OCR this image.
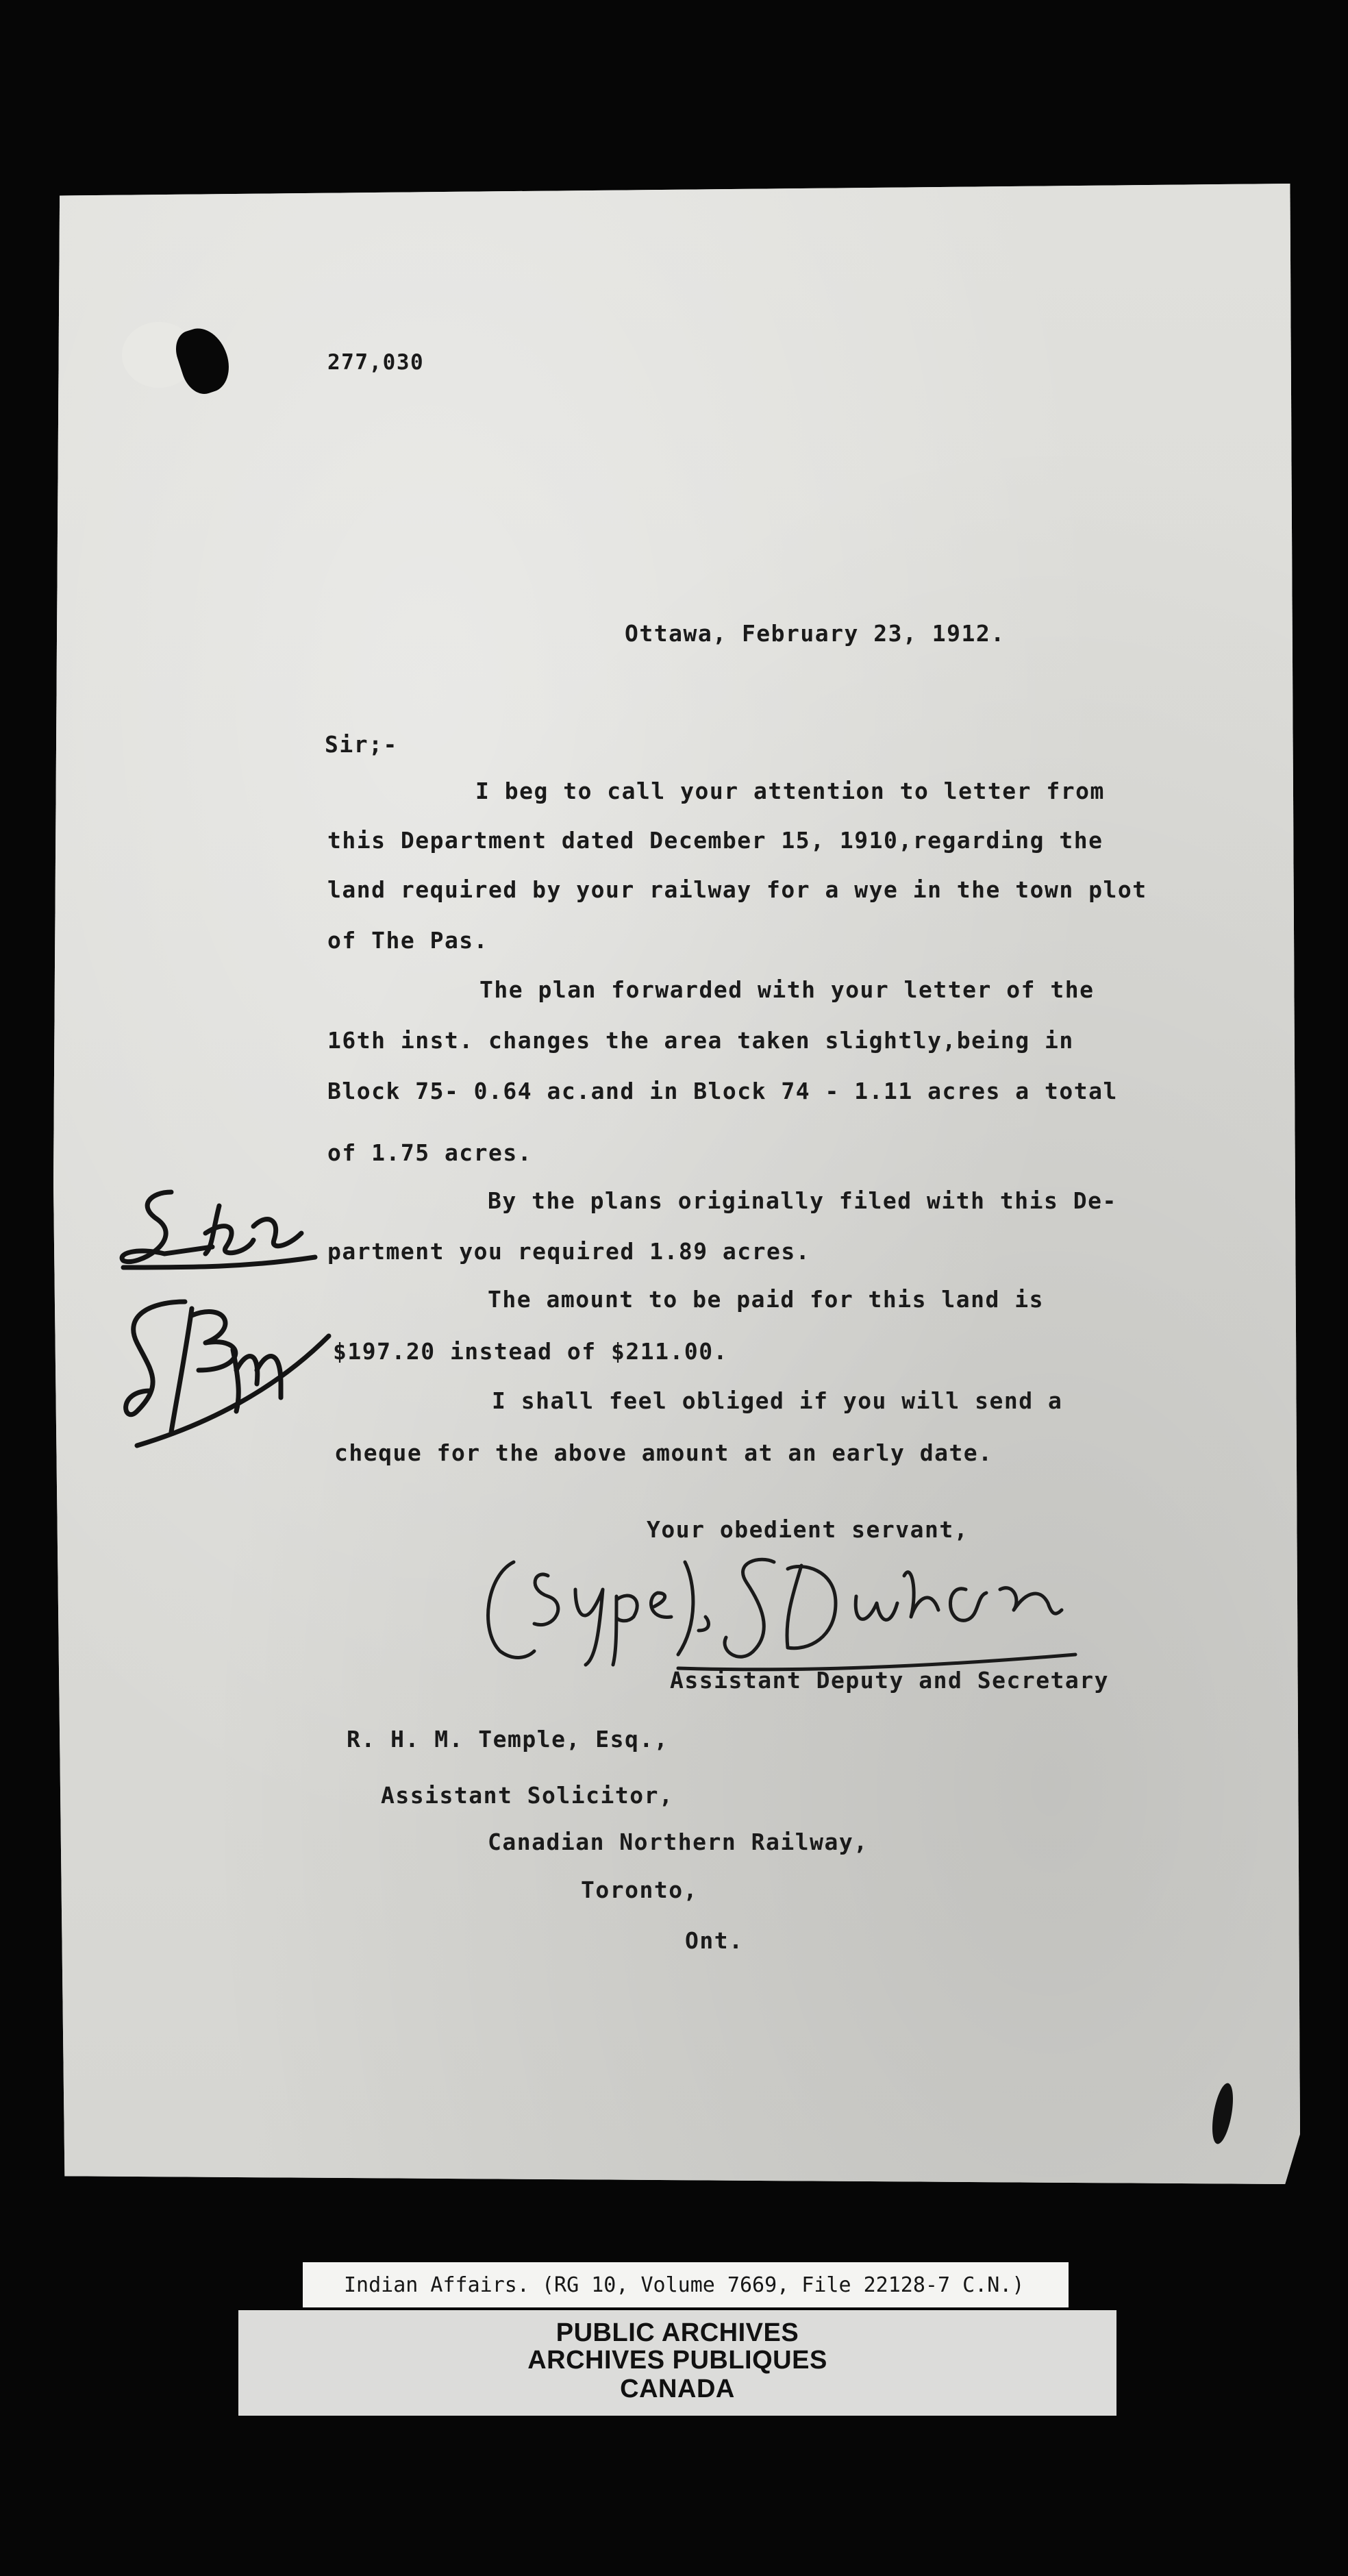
277,030
Ottawa, February 23, 1912.
Sir;-
I beg to call your attention to letter from
this Department dated December 15, 1910,regarding the
land required by your railway for a wye in the town plot
of The Pas.
The plan forwarded with your letter of the
16th inst. changes the area taken slightly,being in
Block 75- 0.64 ac.and in Block 74 - 1.11 acres a total
of 1.75 acres.
By the plans originally filed with this De-
partment you required 1.89 acres.
The amount to be paid for this land is
$197.20 instead of $211.00.
I shall feel obliged if you will send a
cheque for the above amount at an early date.
Your obedient servant,
Assistant Deputy and Secretary
R. H. M. Temple, Esq.,
Assistant Solicitor,
Canadian Northern Railway,
Toronto,
Ont.
Indian Affairs. (RG 10, Volume 7669, File 22128-7 C.N.)
PUBLIC ARCHIVES
ARCHIVES PUBLIQUES
CANADA
